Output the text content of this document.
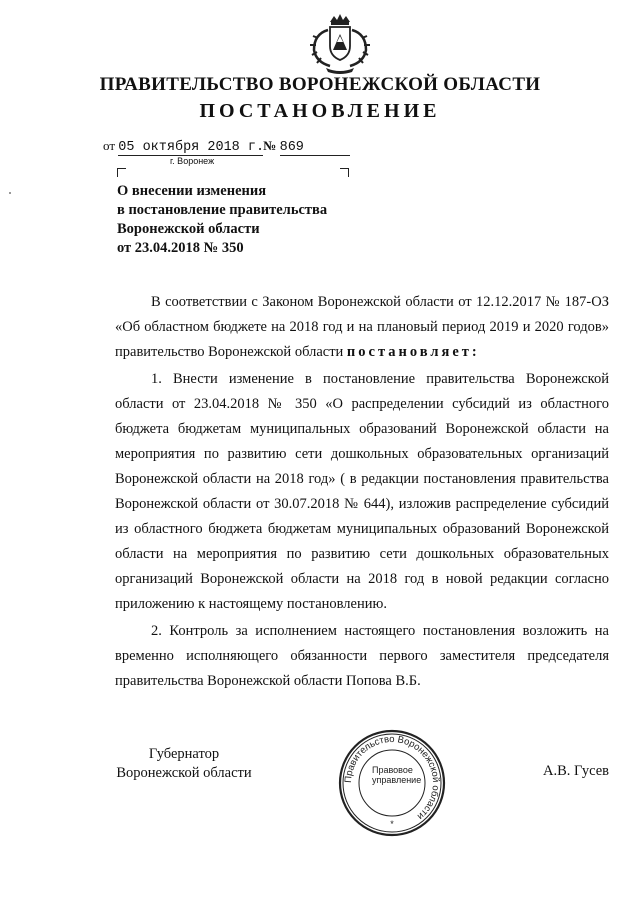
ПРАВИТЕЛЬСТВО ВОРОНЕЖСКОЙ ОБЛАСТИ
ПОСТАНОВЛЕНИЕ
от 05 октября 2018 г.№ 869
г. Воронеж
О внесении изменения
в постановление правительства
Воронежской области
от 23.04.2018 № 350
В соответствии с Законом Воронежской области от 12.12.2017 № 187-ОЗ «Об областном бюджете на 2018 год и на плановый период 2019 и 2020 годов» правительство Воронежской области постановляет:
1. Внести изменение в постановление правительства Воронежской области от 23.04.2018 № 350 «О распределении субсидий из областного бюджета бюджетам муниципальных образований Воронежской области на мероприятия по развитию сети дошкольных образовательных организаций Воронежской области на 2018 год» ( в редакции постановления правительства Воронежской области от 30.07.2018 № 644), изложив распределение субсидий из областного бюджета бюджетам муниципальных образований Воронежской области на мероприятия по развитию сети дошкольных образовательных организаций Воронежской области на 2018 год в новой редакции согласно приложению к настоящему постановлению.
2. Контроль за исполнением настоящего постановления возложить на временно исполняющего обязанности первого заместителя председателя правительства Воронежской области Попова В.Б.
Губернатор
Воронежской области	Правительство Воронежской области
*
Правовое
управление
А.В. Гусев
